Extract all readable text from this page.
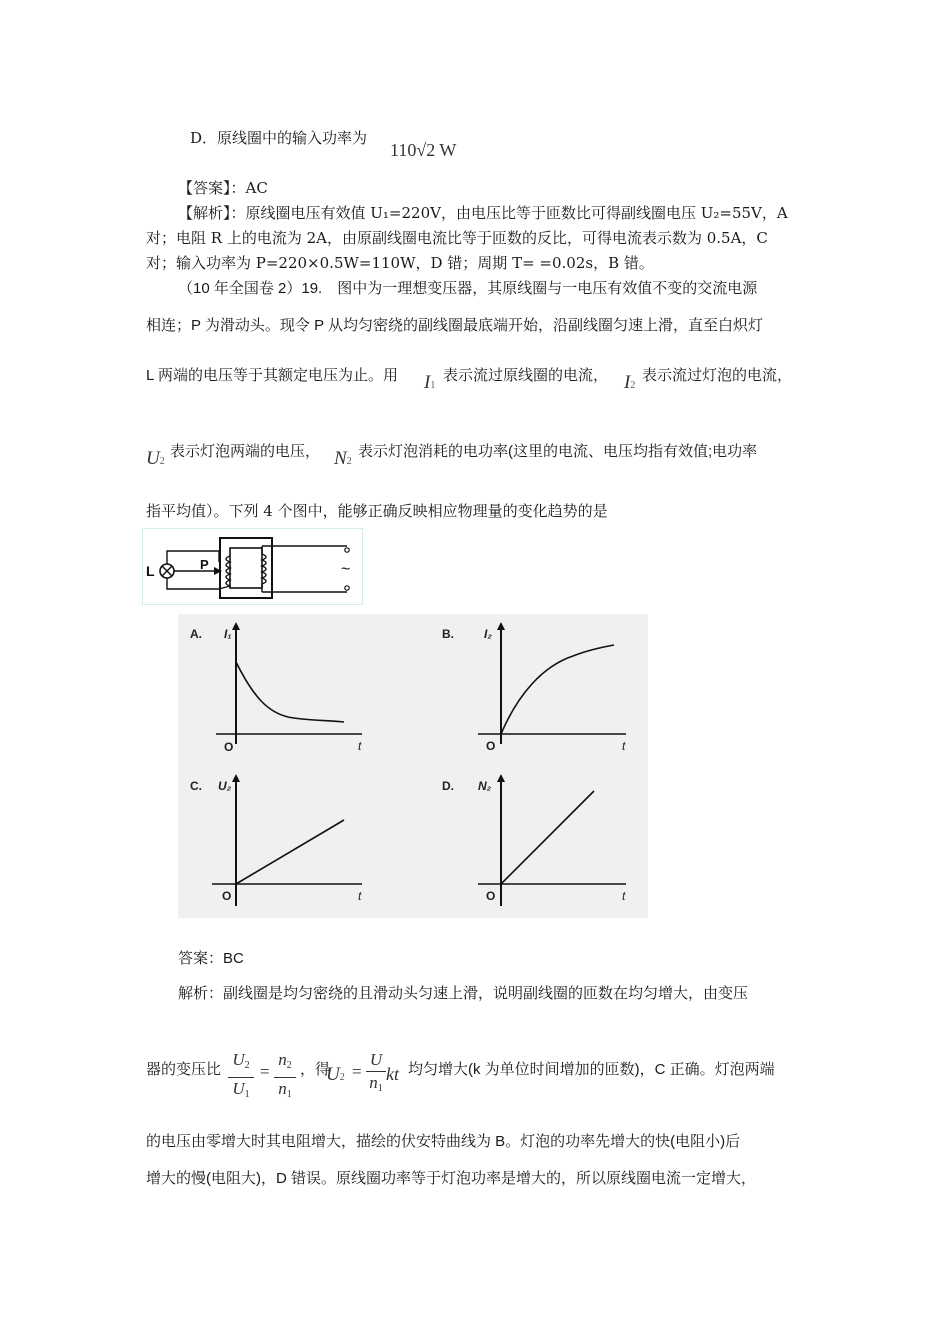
D．原线圈中的输入功率为
110√2 W
【答案】：AC
【解析】：原线圈电压有效值 U₁=220V，由电压比等于匝数比可得副线圈电压 U₂=55V，A
对；电阻 R 上的电流为 2A，由原副线圈电流比等于匝数的反比，可得电流表示数为 0.5A，C
对；输入功率为 P=220×0.5W=110W，D 错；周期 T= =0.02s，B 错。
（10 年全国卷 2）19.　图中为一理想变压器，其原线圈与一电压有效值不变的交流电源
相连；P 为滑动头。现令 P 从均匀密绕的副线圈最底端开始，沿副线圈匀速上滑，直至白炽灯
L 两端的电压等于其额定电压为止。用 I1
表示流过原线圈的电流， I2
表示流过灯泡的电流，
U2
表示灯泡两端的电压， N2
表示灯泡消耗的电功率(这里的电流、电压均指有效值;电功率
指平均值）。下列 4 个图中，能够正确反映相应物理量的变化趋势的是
L	P	~
A. I₁
O	t
B.	I₂
O	t
C. U₂
O	t
D. N₂
O	t
答案：BC
解析：副线圈是均匀密绕的且滑动头匀速上滑，说明副线圈的匝数在均匀增大，由变压
器的变压比
U2
U1
=
n2
n1
，得
U2 =
U
n1
kt 均匀增大(k 为单位时间增加的匝数)，C 正确。灯泡两端
的电压由零增大时其电阻增大，描绘的伏安特曲线为 B。灯泡的功率先增大的快(电阻小)后
增大的慢(电阻大)，D 错误。原线圈功率等于灯泡功率是增大的，所以原线圈电流一定增大，
